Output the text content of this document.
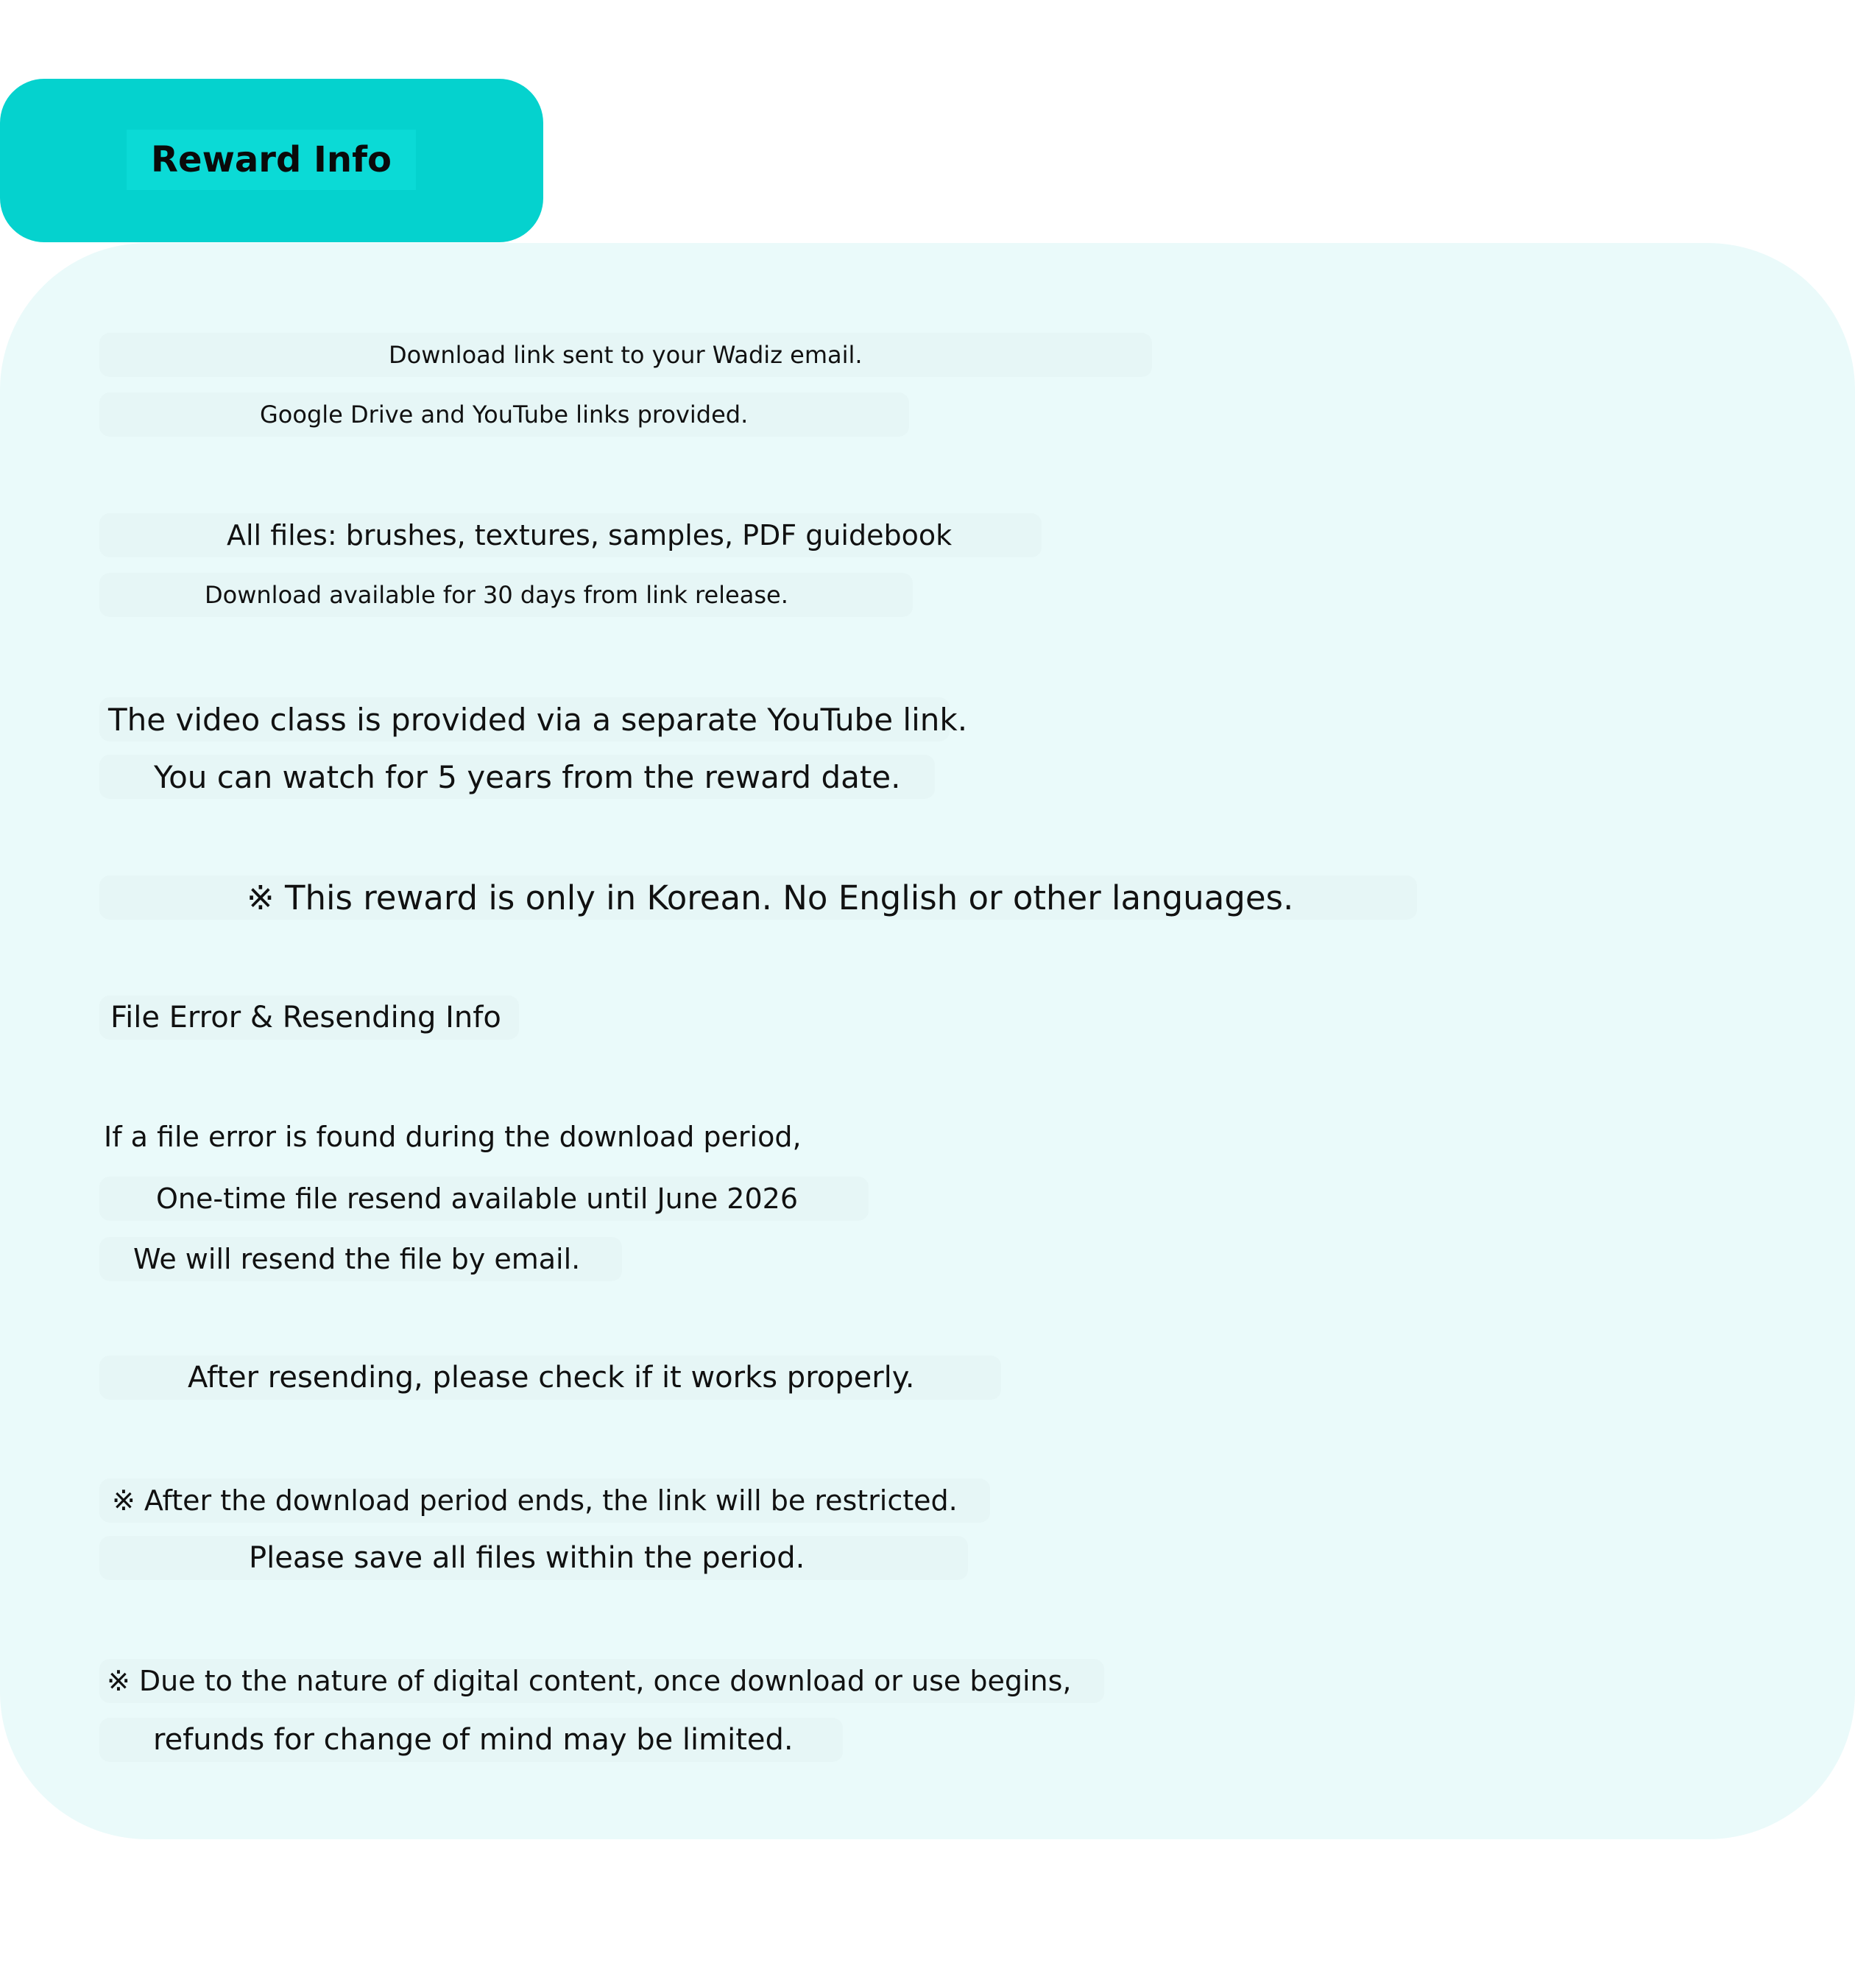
Reward Info
Download link sent to your Wadiz email.
Google Drive and YouTube links provided.
All files: brushes, textures, samples, PDF guidebook
Download available for 30 days from link release.
The video class is provided via a separate YouTube link.
You can watch for 5 years from the reward date.
※ This reward is only in Korean. No English or other languages.
File Error & Resending Info
If a file error is found during the download period,
One-time file resend available until June 2026
We will resend the file by email.
After resending, please check if it works properly.
※ After the download period ends, the link will be restricted.
Please save all files within the period.
※ Due to the nature of digital content, once download or use begins,
refunds for change of mind may be limited.
